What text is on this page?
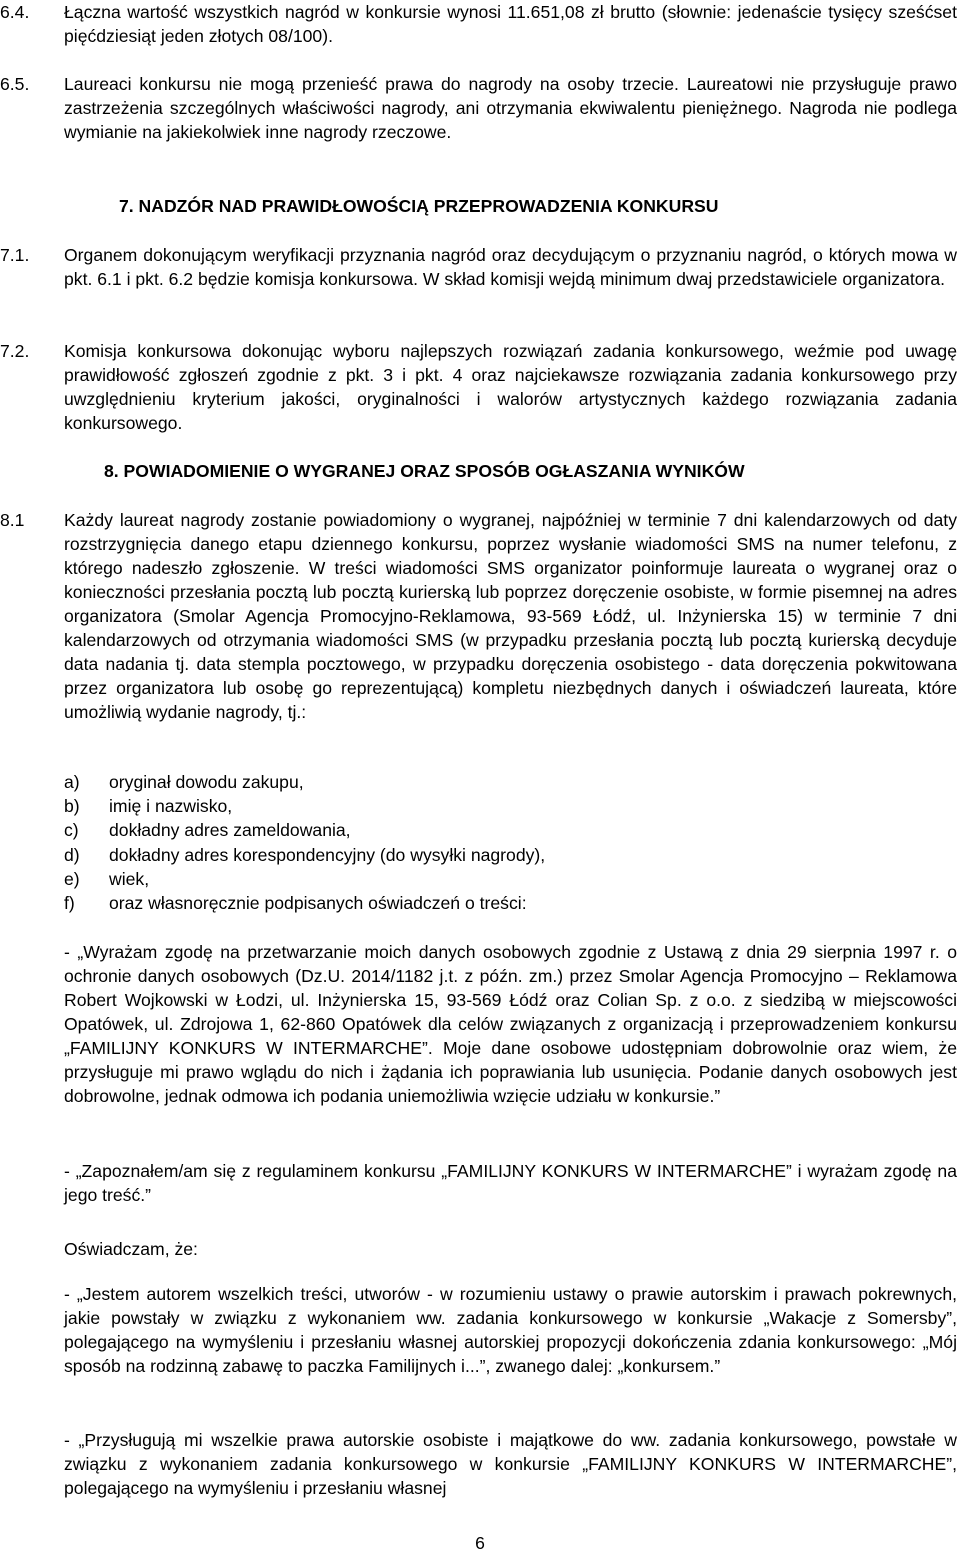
6.4. Łączna wartość wszystkich nagród w konkursie wynosi 11.651,08 zł brutto (słownie: jedenaście tysięcy sześćset pięćdziesiąt jeden złotych 08/100).
6.5. Laureaci konkursu nie mogą przenieść prawa do nagrody na osoby trzecie. Laureatowi nie przysługuje prawo zastrzeżenia szczególnych właściwości nagrody, ani otrzymania ekwiwalentu pieniężnego. Nagroda nie podlega wymianie na jakiekolwiek inne nagrody rzeczowe.
7. NADZÓR NAD PRAWIDŁOWOŚCIĄ PRZEPROWADZENIA KONKURSU
7.1. Organem dokonującym weryfikacji przyznania nagród oraz decydującym o przyznaniu nagród, o których mowa w pkt. 6.1 i pkt. 6.2 będzie komisja konkursowa. W skład komisji wejdą minimum dwaj przedstawiciele organizatora.
7.2. Komisja konkursowa dokonując wyboru najlepszych rozwiązań zadania konkursowego, weźmie pod uwagę prawidłowość zgłoszeń zgodnie z pkt. 3 i pkt. 4 oraz najciekawsze rozwiązania zadania konkursowego przy uwzględnieniu kryterium jakości, oryginalności i walorów artystycznych każdego rozwiązania zadania konkursowego.
8. POWIADOMIENIE O WYGRANEJ ORAZ SPOSÓB OGŁASZANIA WYNIKÓW
8.1 Każdy laureat nagrody zostanie powiadomiony o wygranej, najpóźniej w terminie 7 dni kalendarzowych od daty rozstrzygnięcia danego etapu dziennego konkursu, poprzez wysłanie wiadomości SMS na numer telefonu, z którego nadeszło zgłoszenie. W treści wiadomości SMS organizator poinformuje laureata o wygranej oraz o konieczności przesłania pocztą lub pocztą kurierską lub poprzez doręczenie osobiste, w formie pisemnej na adres organizatora (Smolar Agencja Promocyjno-Reklamowa, 93-569 Łódź, ul. Inżynierska 15) w terminie 7 dni kalendarzowych od otrzymania wiadomości SMS (w przypadku przesłania pocztą lub pocztą kurierską decyduje data nadania tj. data stempla pocztowego, w przypadku doręczenia osobistego - data doręczenia pokwitowana przez organizatora lub osobę go reprezentującą) kompletu niezbędnych danych i oświadczeń laureata, które umożliwią wydanie nagrody, tj.:
a) oryginał dowodu zakupu,
b) imię i nazwisko,
c) dokładny adres zameldowania,
d) dokładny adres korespondencyjny (do wysyłki nagrody),
e) wiek,
f) oraz własnoręcznie podpisanych oświadczeń o treści:
- „Wyrażam zgodę na przetwarzanie moich danych osobowych zgodnie z Ustawą z dnia 29 sierpnia 1997 r. o ochronie danych osobowych (Dz.U. 2014/1182 j.t. z późn. zm.) przez Smolar Agencja Promocyjno – Reklamowa Robert Wojkowski w Łodzi, ul. Inżynierska 15, 93-569 Łódź oraz Colian Sp. z o.o. z siedzibą w miejscowości Opatówek, ul. Zdrojowa 1, 62-860 Opatówek dla celów związanych z organizacją i przeprowadzeniem konkursu „FAMILIJNY KONKURS W INTERMARCHE”. Moje dane osobowe udostępniam dobrowolnie oraz wiem, że przysługuje mi prawo wglądu do nich i żądania ich poprawiania lub usunięcia. Podanie danych osobowych jest dobrowolne, jednak odmowa ich podania uniemożliwia wzięcie udziału w konkursie.”
- „Zapoznałem/am się z regulaminem konkursu „FAMILIJNY KONKURS W INTERMARCHE” i wyrażam zgodę na jego treść.”
Oświadczam, że:
- „Jestem autorem wszelkich treści, utworów - w rozumieniu ustawy o prawie autorskim i prawach pokrewnych, jakie powstały w związku z wykonaniem ww. zadania konkursowego w konkursie „Wakacje z Somersby”, polegającego na wymyśleniu i przesłaniu własnej autorskiej propozycji dokończenia zdania konkursowego: „Mój sposób na rodzinną zabawę to paczka Familijnych i...”, zwanego dalej: „konkursem.”
- „Przysługują mi wszelkie prawa autorskie osobiste i majątkowe do ww. zadania konkursowego, powstałe w związku z wykonaniem zadania konkursowego w konkursie „FAMILIJNY KONKURS W INTERMARCHE”, polegającego na wymyśleniu i przesłaniu własnej
6
